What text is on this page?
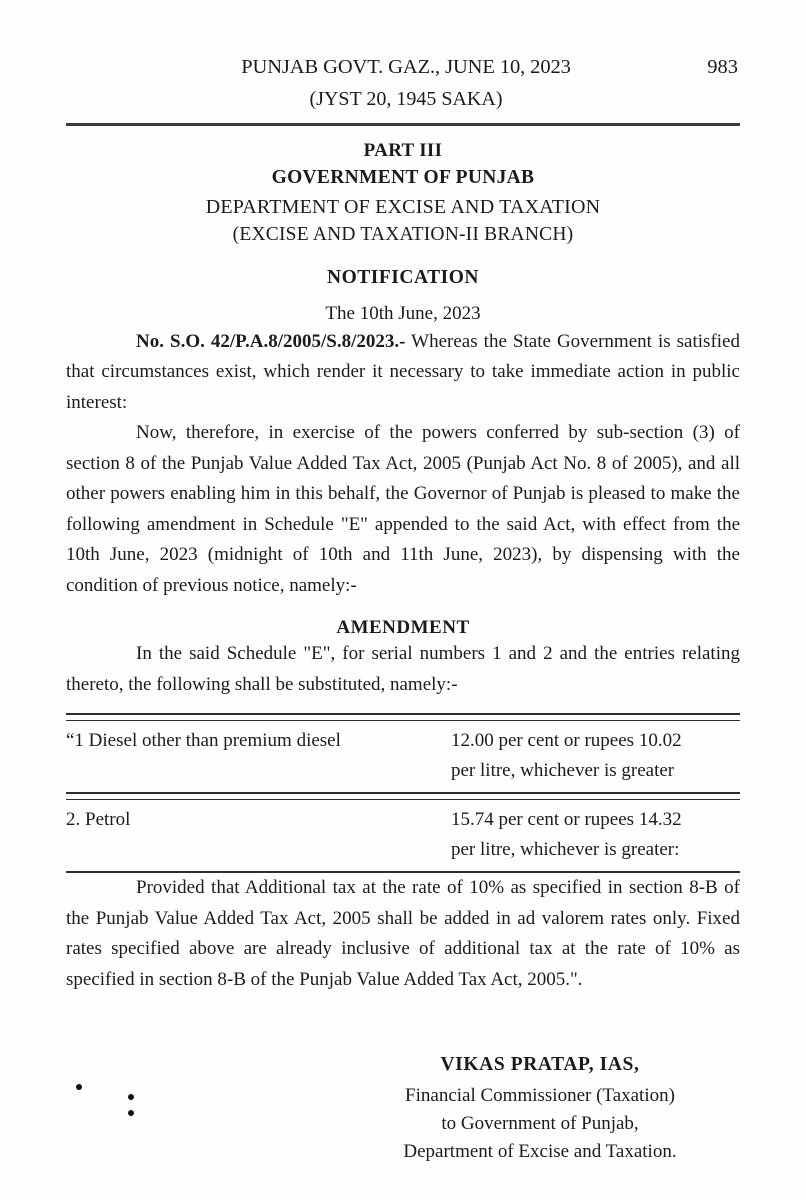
PUNJAB GOVT. GAZ., JUNE 10, 2023	983
(JYST 20, 1945 SAKA)
PART III
GOVERNMENT OF PUNJAB
DEPARTMENT OF EXCISE AND TAXATION
(EXCISE AND TAXATION-II BRANCH)
NOTIFICATION
The 10th June, 2023

No. S.O. 42/P.A.8/2005/S.8/2023.- Whereas the State Government is satisfied that circumstances exist, which render it necessary to take immediate action in public interest:

Now, therefore, in exercise of the powers conferred by sub-section (3) of section 8 of the Punjab Value Added Tax Act, 2005 (Punjab Act No. 8 of 2005), and all other powers enabling him in this behalf, the Governor of Punjab is pleased to make the following amendment in Schedule "E" appended to the said Act, with effect from the 10th June, 2023 (midnight of 10th and 11th June, 2023), by dispensing with the condition of previous notice, namely:-

AMENDMENT

In the said Schedule "E", for serial numbers 1 and 2 and the entries relating thereto, the following shall be substituted, namely:-

“1 Diesel other than premium diesel	12.00 per cent or rupees 10.02
per litre, whichever is greater
2. Petrol	15.74 per cent or rupees 14.32
per litre, whichever is greater:

Provided that Additional tax at the rate of 10% as specified in section 8-B of the Punjab Value Added Tax Act, 2005 shall be added in ad valorem rates only. Fixed rates specified above are already inclusive of additional tax at the rate of 10% as specified in section 8-B of the Punjab Value Added Tax Act, 2005.".

VIKAS PRATAP, IAS,
Financial Commissioner (Taxation)
to Government of Punjab,
Department of Excise and Taxation.
